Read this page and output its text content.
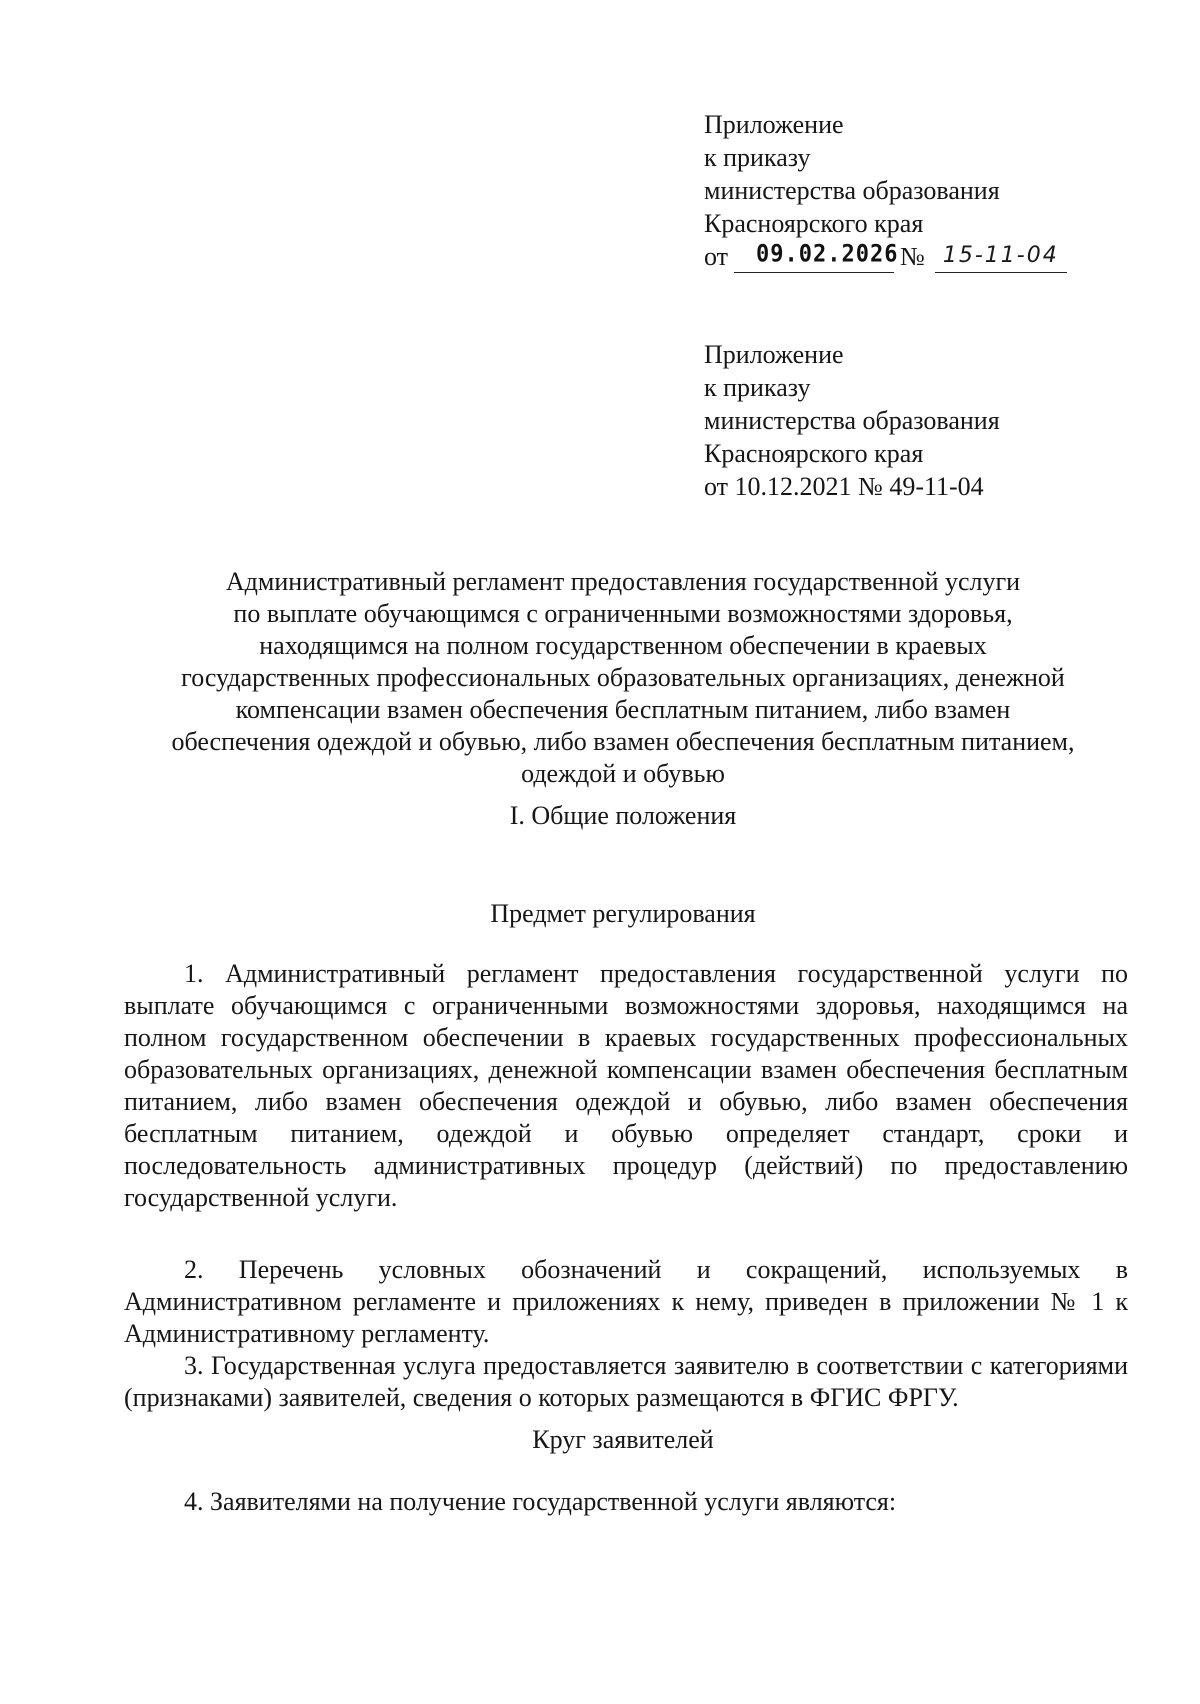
Приложение
к приказу
министерства образования
Красноярского края
от 09.02.2026 № 15-11-04
Приложение
к приказу
министерства образования
Красноярского края
от 10.12.2021 № 49-11-04
Административный регламент предоставления государственной услуги
по выплате обучающимся с ограниченными возможностями здоровья,
находящимся на полном государственном обеспечении в краевых
государственных профессиональных образовательных организациях, денежной
компенсации взамен обеспечения бесплатным питанием, либо взамен
обеспечения одеждой и обувью, либо взамен обеспечения бесплатным питанием,
одеждой и обувью
I. Общие положения
Предмет регулирования

1. Административный регламент предоставления государственной услуги по выплате обучающимся с ограниченными возможностями здоровья, находящимся на полном государственном обеспечении в краевых государственных профессиональных образовательных организациях, денежной компенсации взамен обеспечения бесплатным питанием, либо взамен обеспечения одеждой и обувью, либо взамен обеспечения бесплатным питанием, одеждой и обувью определяет стандарт, сроки и последовательность административных процедур (действий) по предоставлению государственной услуги.

2. Перечень условных обозначений и сокращений, используемых в Административном регламенте и приложениях к нему, приведен в приложении № 1 к Административному регламенту.

3. Государственная услуга предоставляется заявителю в соответствии с категориями (признаками) заявителей, сведения о которых размещаются в ФГИС ФРГУ.

Круг заявителей

4. Заявителями на получение государственной услуги являются:
